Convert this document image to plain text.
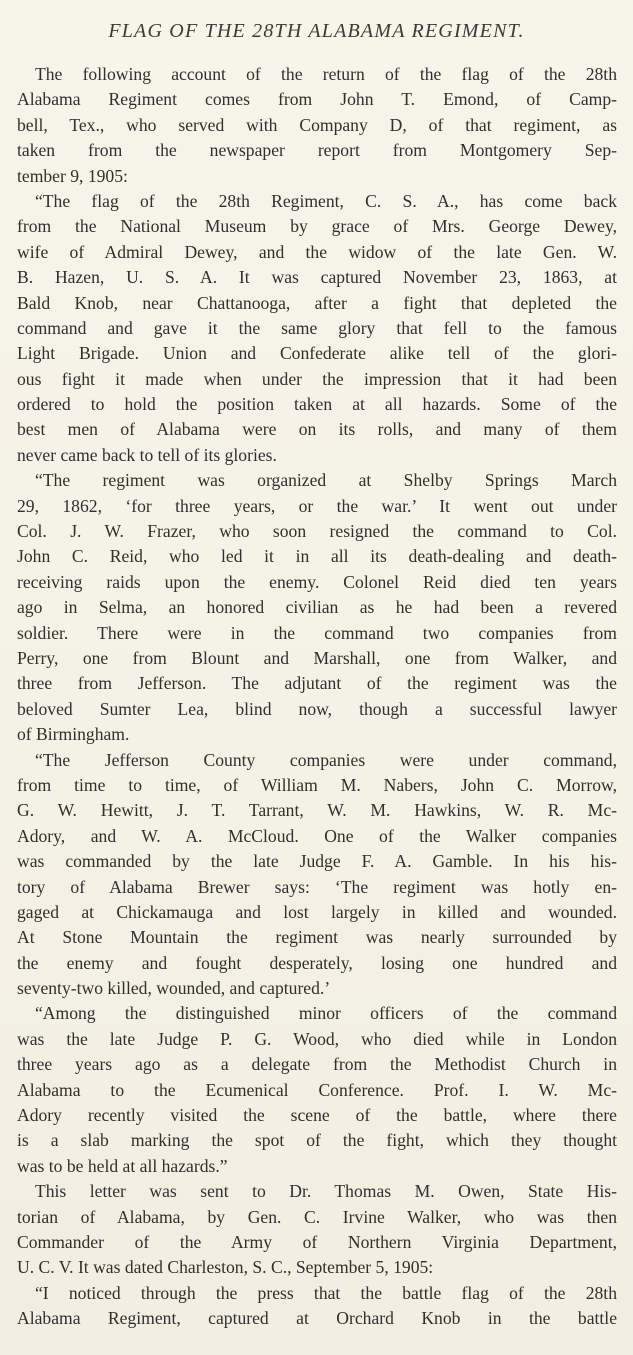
FLAG OF THE 28TH ALABAMA REGIMENT.
The following account of the return of the flag of the 28th
Alabama Regiment comes from John T. Emond, of Camp-
bell, Tex., who served with Company D, of that regiment, as
taken from the newspaper report from Montgomery Sep-
tember 9, 1905:
“The flag of the 28th Regiment, C. S. A., has come back
from the National Museum by grace of Mrs. George Dewey,
wife of Admiral Dewey, and the widow of the late Gen. W.
B. Hazen, U. S. A. It was captured November 23, 1863, at
Bald Knob, near Chattanooga, after a fight that depleted the
command and gave it the same glory that fell to the famous
Light Brigade. Union and Confederate alike tell of the glori-
ous fight it made when under the impression that it had been
ordered to hold the position taken at all hazards. Some of the
best men of Alabama were on its rolls, and many of them
never came back to tell of its glories.
“The regiment was organized at Shelby Springs March
29, 1862, ‘for three years, or the war.’ It went out under
Col. J. W. Frazer, who soon resigned the command to Col.
John C. Reid, who led it in all its death-dealing and death-
receiving raids upon the enemy. Colonel Reid died ten years
ago in Selma, an honored civilian as he had been a revered
soldier. There were in the command two companies from
Perry, one from Blount and Marshall, one from Walker, and
three from Jefferson. The adjutant of the regiment was the
beloved Sumter Lea, blind now, though a successful lawyer
of Birmingham.
“The Jefferson County companies were under command,
from time to time, of William M. Nabers, John C. Morrow,
G. W. Hewitt, J. T. Tarrant, W. M. Hawkins, W. R. Mc-
Adory, and W. A. McCloud. One of the Walker companies
was commanded by the late Judge F. A. Gamble. In his his-
tory of Alabama Brewer says: ‘The regiment was hotly en-
gaged at Chickamauga and lost largely in killed and wounded.
At Stone Mountain the regiment was nearly surrounded by
the enemy and fought desperately, losing one hundred and
seventy-two killed, wounded, and captured.’
“Among the distinguished minor officers of the command
was the late Judge P. G. Wood, who died while in London
three years ago as a delegate from the Methodist Church in
Alabama to the Ecumenical Conference. Prof. I. W. Mc-
Adory recently visited the scene of the battle, where there
is a slab marking the spot of the fight, which they thought
was to be held at all hazards.”
This letter was sent to Dr. Thomas M. Owen, State His-
torian of Alabama, by Gen. C. Irvine Walker, who was then
Commander of the Army of Northern Virginia Department,
U. C. V. It was dated Charleston, S. C., September 5, 1905:
“I noticed through the press that the battle flag of the 28th
Alabama Regiment, captured at Orchard Knob in the battle
